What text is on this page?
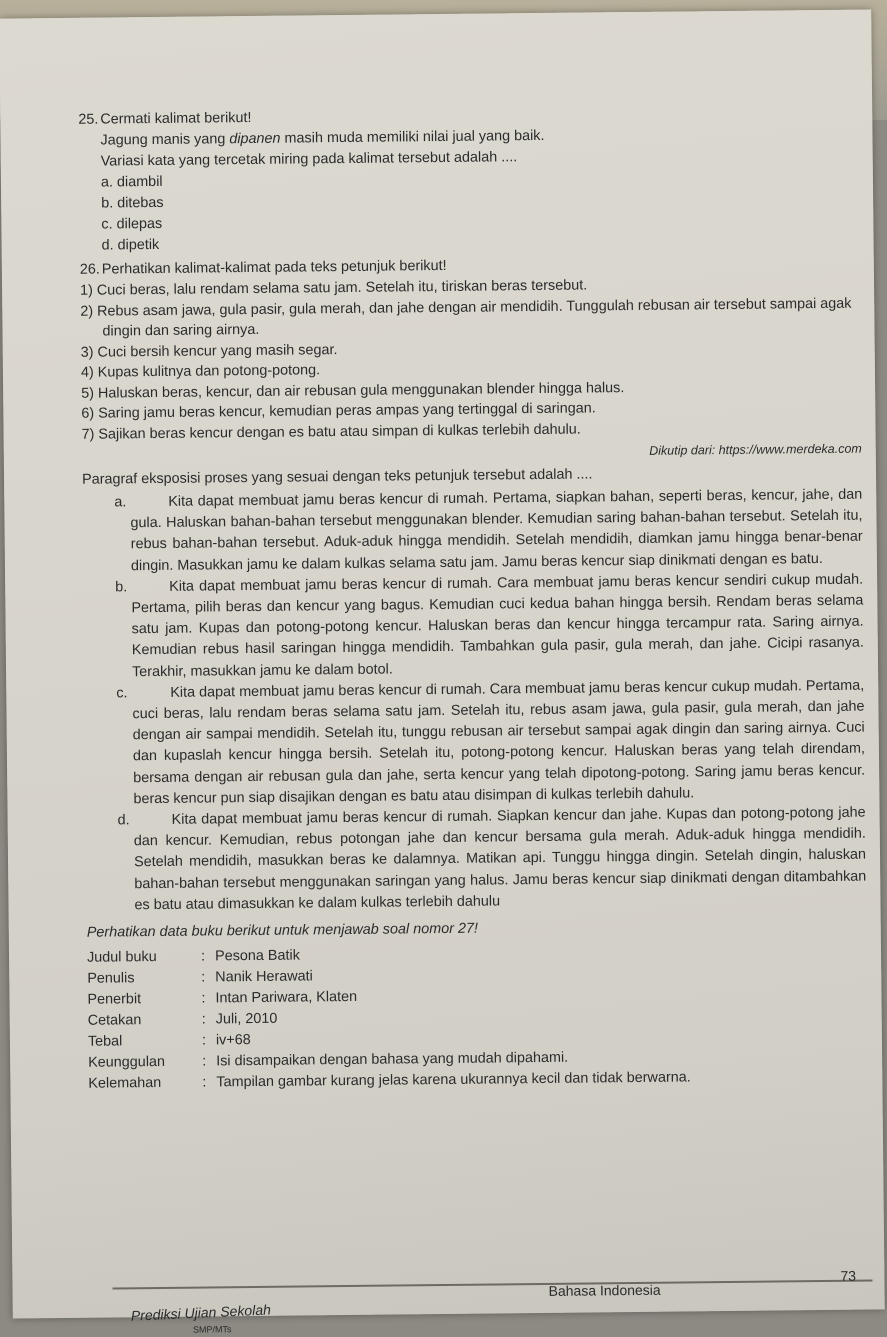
25. Cermati kalimat berikut!

Jagung manis yang dipanen masih muda memiliki nilai jual yang baik.
Variasi kata yang tercetak miring pada kalimat tersebut adalah ....
a. diambil
b. ditebas
c. dilepas
d. dipetik

26. Perhatikan kalimat-kalimat pada teks petunjuk berikut!

1) Cuci beras, lalu rendam selama satu jam. Setelah itu, tiriskan beras tersebut.
2) Rebus asam jawa, gula pasir, gula merah, dan jahe dengan air mendidih. Tunggulah rebusan air tersebut sampai agak dingin dan saring airnya.
3) Cuci bersih kencur yang masih segar.
4) Kupas kulitnya dan potong-potong.
5) Haluskan beras, kencur, dan air rebusan gula menggunakan blender hingga halus.
6) Saring jamu beras kencur, kemudian peras ampas yang tertinggal di saringan.
7) Sajikan beras kencur dengan es batu atau simpan di kulkas terlebih dahulu.
Dikutip dari: https://www.merdeka.com
Paragraf eksposisi proses yang sesuai dengan teks petunjuk tersebut adalah ....
a.	Kita dapat membuat jamu beras kencur di rumah. Pertama, siapkan bahan, seperti beras, kencur, jahe, dan gula. Haluskan bahan-bahan tersebut menggunakan blender. Kemudian saring bahan-bahan tersebut. Setelah itu, rebus bahan-bahan tersebut. Aduk-aduk hingga mendidih. Setelah mendidih, diamkan jamu hingga benar-benar dingin. Masukkan jamu ke dalam kulkas selama satu jam. Jamu beras kencur siap dinikmati dengan es batu.
b.	Kita dapat membuat jamu beras kencur di rumah. Cara membuat jamu beras kencur sendiri cukup mudah. Pertama, pilih beras dan kencur yang bagus. Kemudian cuci kedua bahan hingga bersih. Rendam beras selama satu jam. Kupas dan potong-potong kencur. Haluskan beras dan kencur hingga tercampur rata. Saring airnya. Kemudian rebus hasil saringan hingga mendidih. Tambahkan gula pasir, gula merah, dan jahe. Cicipi rasanya. Terakhir, masukkan jamu ke dalam botol.
c.	Kita dapat membuat jamu beras kencur di rumah. Cara membuat jamu beras kencur cukup mudah. Pertama, cuci beras, lalu rendam beras selama satu jam. Setelah itu, rebus asam jawa, gula pasir, gula merah, dan jahe dengan air sampai mendidih. Setelah itu, tunggu rebusan air tersebut sampai agak dingin dan saring airnya. Cuci dan kupaslah kencur hingga bersih. Setelah itu, potong-potong kencur. Haluskan beras yang telah direndam, bersama dengan air rebusan gula dan jahe, serta kencur yang telah dipotong-potong. Saring jamu beras kencur. beras kencur pun siap disajikan dengan es batu atau disimpan di kulkas terlebih dahulu.
d.	Kita dapat membuat jamu beras kencur di rumah. Siapkan kencur dan jahe. Kupas dan potong-potong jahe dan kencur. Kemudian, rebus potongan jahe dan kencur bersama gula merah. Aduk-aduk hingga mendidih. Setelah mendidih, masukkan beras ke dalamnya. Matikan api. Tunggu hingga dingin. Setelah dingin, haluskan bahan-bahan tersebut menggunakan saringan yang halus. Jamu beras kencur siap dinikmati dengan ditambahkan es batu atau dimasukkan ke dalam kulkas terlebih dahulu
Perhatikan data buku berikut untuk menjawab soal nomor 27!
Judul buku	: Pesona Batik
Penulis	: Nanik Herawati
Penerbit	: Intan Pariwara, Klaten
Cetakan	: Juli, 2010
Tebal	: iv+68
Keunggulan	: Isi disampaikan dengan bahasa yang mudah dipahami.
Kelemahan	: Tampilan gambar kurang jelas karena ukurannya kecil dan tidak berwarna.
Prediksi Ujian Sekolah
SMP/MTs
Bahasa Indonesia
73
